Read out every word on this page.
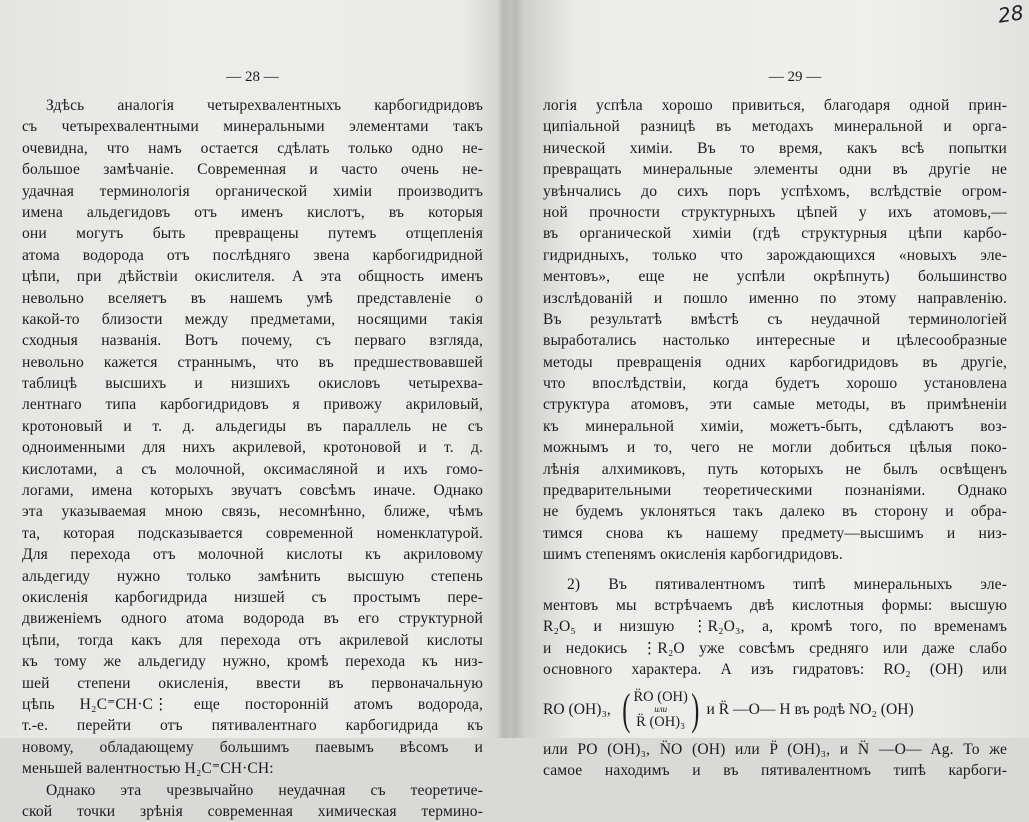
— 28 —
Здѣсь аналогія четырехвалентныхъ карбогидридовъ
съ четырехвалентными минеральными элементами такъ
очевидна, что намъ остается сдѣлать только одно не-
большое замѣчаніе. Современная и часто очень не-
удачная терминологія органической химіи производитъ
имена альдегидовъ отъ именъ кислотъ, въ которыя
они могутъ быть превращены путемъ отщепленія
атома водорода отъ послѣдняго звена карбогидридной
цѣпи, при дѣйствіи окислителя. А эта общность именъ
невольно вселяетъ въ нашемъ умѣ представленіе о
какой-то близости между предметами, носящими такія
сходныя названія. Вотъ почему, съ перваго взгляда,
невольно кажется страннымъ, что въ предшествовавшей
таблицѣ высшихъ и низшихъ окисловъ четырехва-
лентнаго типа карбогидридовъ я привожу акриловый,
кротоновый и т. д. альдегиды въ параллель не съ
одноименными для нихъ акрилевой, кротоновой и т. д.
кислотами, а съ молочной, оксимасляной и ихъ гомо-
логами, имена которыхъ звучатъ совсѣмъ иначе. Однако
эта указываемая мною связь, несомнѣнно, ближе, чѣмъ
та, которая подсказывается современной номенклатурой.
Для перехода отъ молочной кислоты къ акриловому
альдегиду нужно только замѣнить высшую степень
окисленія карбогидрида низшей съ простымъ пере-
движеніемъ одного атома водорода въ его структурной
цѣпи, тогда какъ для перехода отъ акрилевой кислоты
къ тому же альдегиду нужно, кромѣ перехода къ низ-
шей степени окисленія, ввести въ первоначальную
цѣпь H₂C⁼CH·C⋮ еще посторонній атомъ водорода,
т.-е. перейти отъ пятивалентнаго карбогидрида къ
новому, обладающему большимъ паевымъ вѣсомъ и
меньшей валентностью H₂C⁼CH·CH:
Однако эта чрезвычайно неудачная съ теоретиче-
ской точки зрѣнія современная химическая термино-
28
— 29 —
логія успѣла хорошо привиться, благодаря одной прин-
ципіальной разницѣ въ методахъ минеральной и орга-
нической химіи. Въ то время, какъ всѣ попытки
превращать минеральные элементы одни въ другіе не
увѣнчались до сихъ поръ успѣхомъ, вслѣдствіе огром-
ной прочности структурныхъ цѣпей у ихъ атомовъ,—
въ органической химіи (гдѣ структурныя цѣпи карбо-
гидридныхъ, только что зарождающихся «новыхъ эле-
ментовъ», еще не успѣли окрѣпнуть) большинство
изслѣдованій и пошло именно по этому направленію.
Въ результатѣ вмѣстѣ съ неудачной терминологіей
выработались настолько интересные и цѣлесообразные
методы превращенія одних карбогидридовъ въ другіе,
что впослѣдствіи, когда будетъ хорошо установлена
структура атомовъ, эти самые методы, въ примѣненіи
къ минеральной химіи, можетъ-быть, сдѣлаютъ воз-
можнымъ и то, чего не могли добиться цѣлыя поко-
лѣнія алхимиковъ, путь которыхъ не былъ освѣщенъ
предварительными теоретическими познаніями. Однако
не будемъ уклоняться такъ далеко въ сторону и обра-
тимся снова къ нашему предмету—высшимъ и низ-
шимъ степенямъ окисленія карбогидридовъ.
2) Въ пятивалентномъ типѣ минеральныхъ эле-
ментовъ мы встрѣчаемъ двѣ кислотныя формы: высшую
R₂O₅ и низшую ⋮R₂O₃, а, кромѣ того, по временамъ
и недокись ⋮R₂O уже совсѣмъ средняго или даже слабо
основного характера. А изъ гидратовъ: RO₂ (OH) или
RO (OH)₃, ( R̈O (OH)
или
R̈ (OH)₃ ) и R̈ —O— H въ родѣ NO₂ (OH)
или PO (OH)₃, N̈O (OH) или P̈ (OH)₃, и N̈ —O— Ag. То же
самое находимъ и въ пятивалентномъ типѣ карбоги-
